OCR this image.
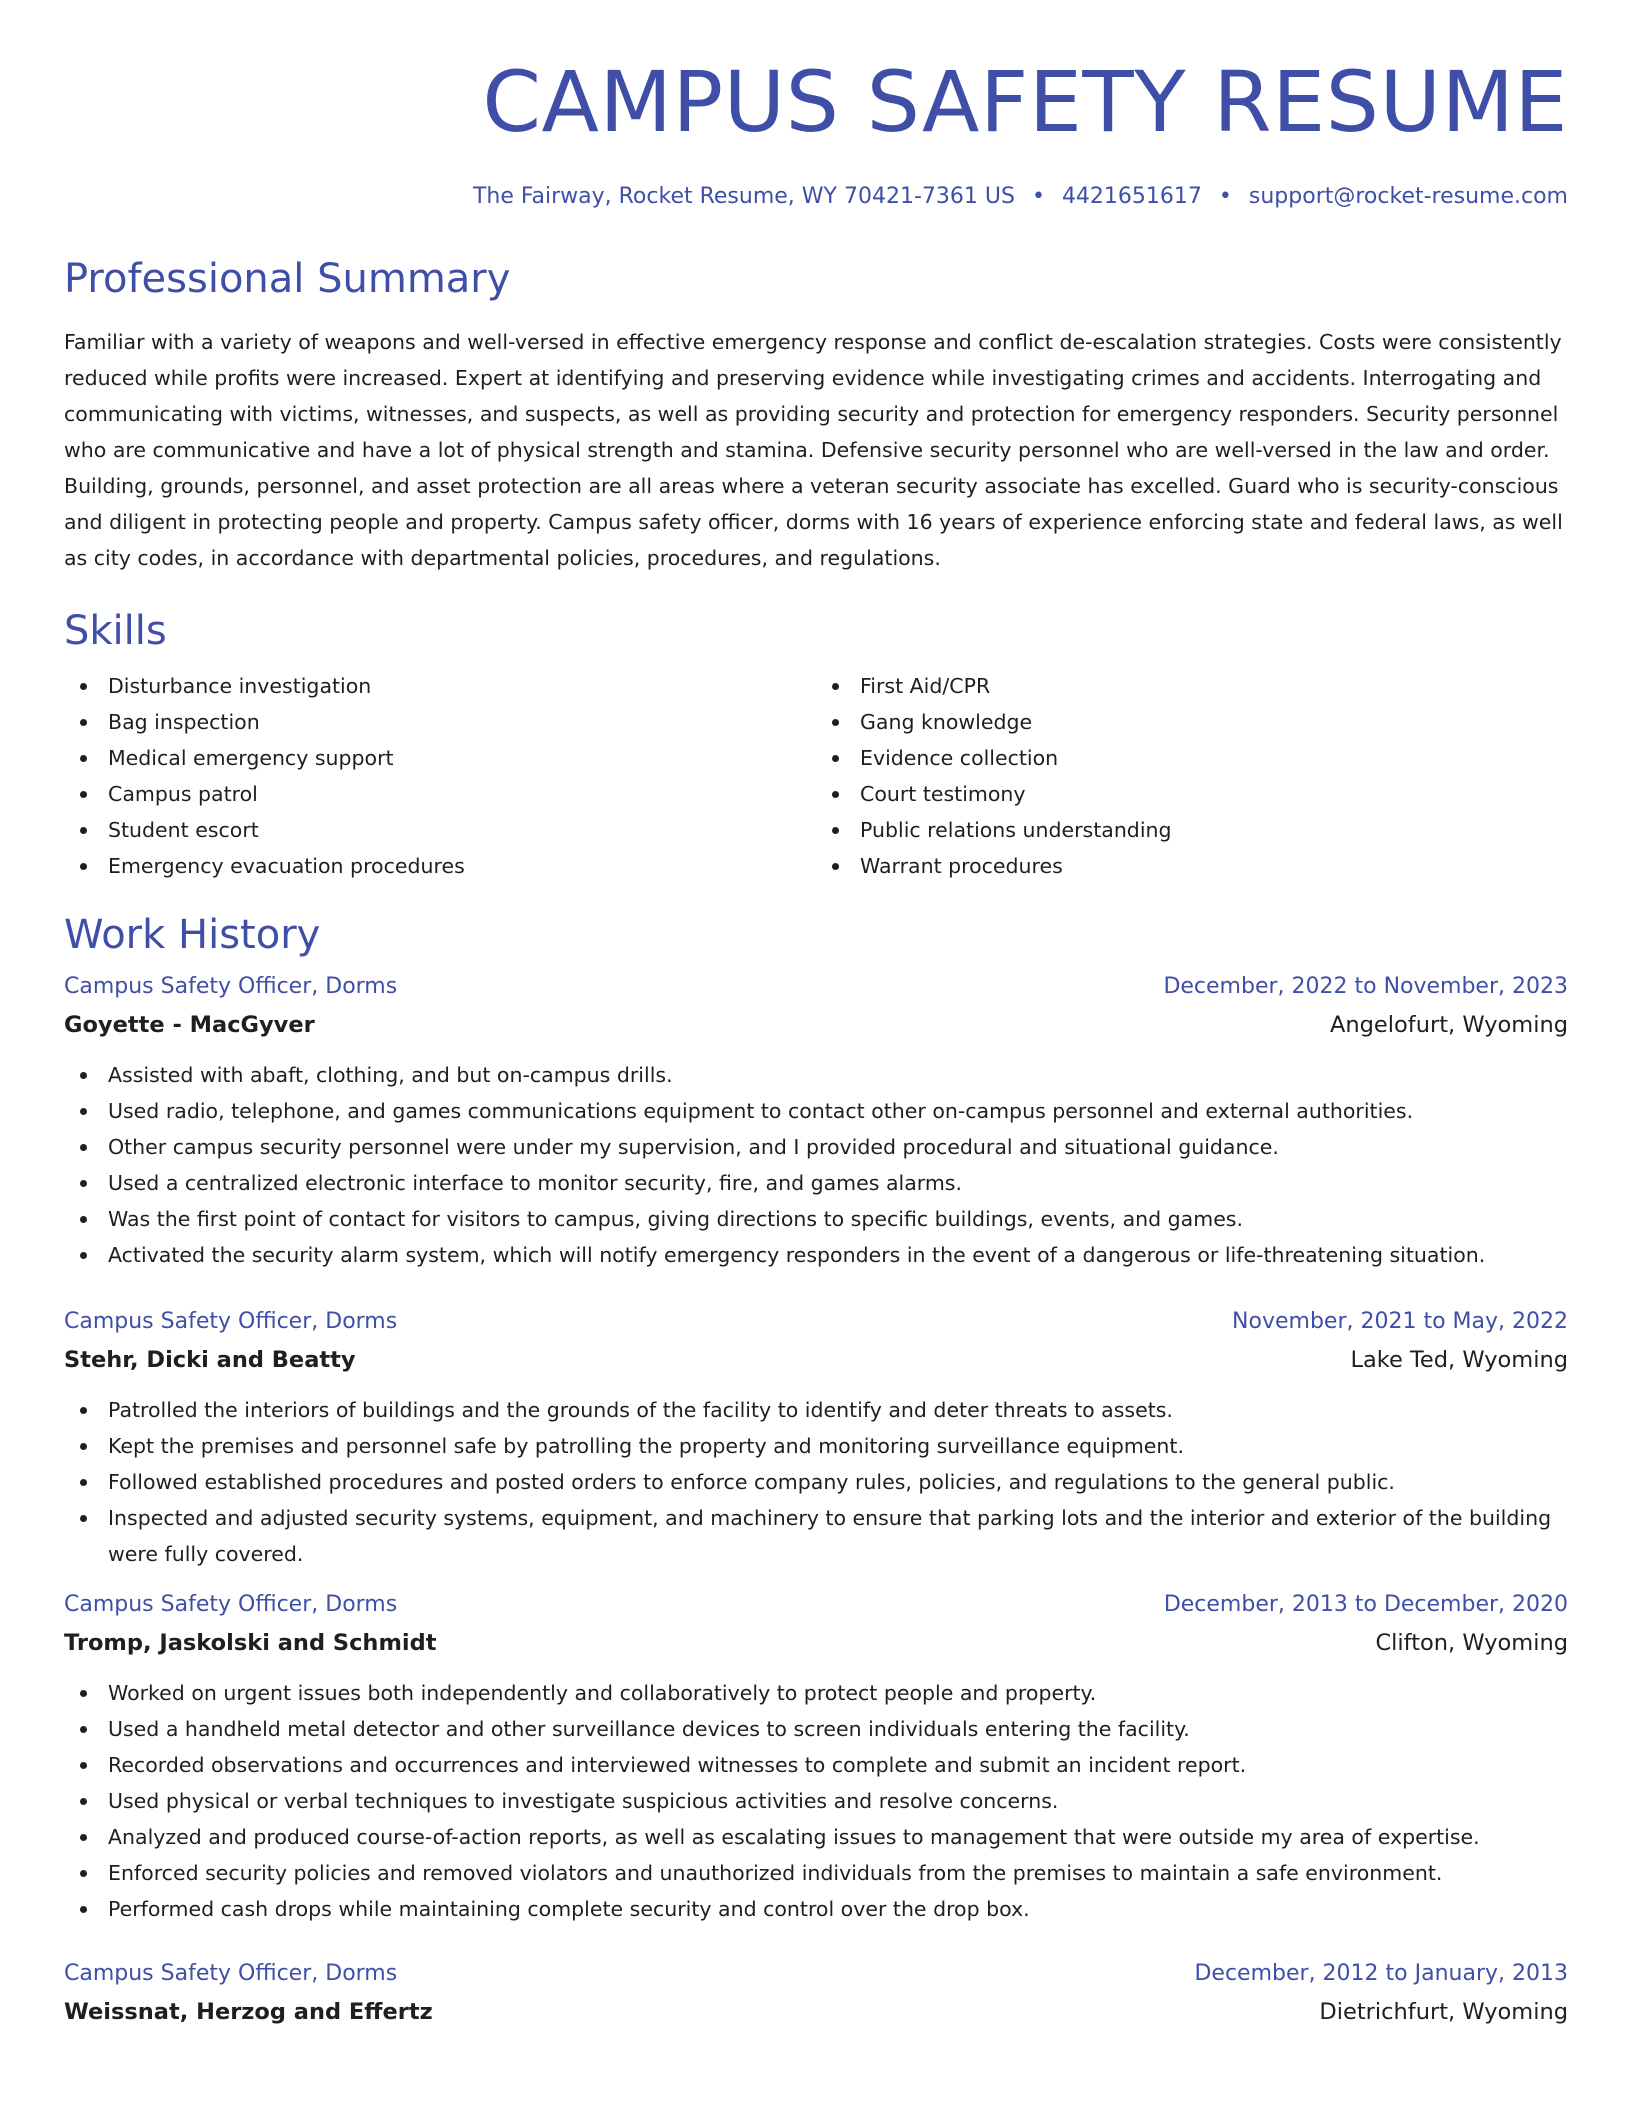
CAMPUS SAFETY RESUME
The Fairway, Rocket Resume, WY 70421-7361 US • 4421651617 • support@rocket-resume.com
Professional Summary

Familiar with a variety of weapons and well-versed in effective emergency response and conflict de-escalation strategies. Costs were consistently reduced while profits were increased. Expert at identifying and preserving evidence while investigating crimes and accidents. Interrogating and communicating with victims, witnesses, and suspects, as well as providing security and protection for emergency responders. Security personnel who are communicative and have a lot of physical strength and stamina. Defensive security personnel who are well-versed in the law and order. Building, grounds, personnel, and asset protection are all areas where a veteran security associate has excelled. Guard who is security-conscious and diligent in protecting people and property. Campus safety officer, dorms with 16 years of experience enforcing state and federal laws, as well as city codes, in accordance with departmental policies, procedures, and regulations.

Skills
Disturbance investigation
Bag inspection
Medical emergency support
Campus patrol
Student escort
Emergency evacuation procedures
First Aid/CPR
Gang knowledge
Evidence collection
Court testimony
Public relations understanding
Warrant procedures
Work History
Campus Safety Officer, Dorms	December, 2022 to November, 2023
Goyette - MacGyver	Angelofurt, Wyoming
Assisted with abaft, clothing, and but on-campus drills.
Used radio, telephone, and games communications equipment to contact other on-campus personnel and external authorities.
Other campus security personnel were under my supervision, and I provided procedural and situational guidance.
Used a centralized electronic interface to monitor security, fire, and games alarms.
Was the first point of contact for visitors to campus, giving directions to specific buildings, events, and games.
Activated the security alarm system, which will notify emergency responders in the event of a dangerous or life-threatening situation.
Campus Safety Officer, Dorms	November, 2021 to May, 2022
Stehr, Dicki and Beatty	Lake Ted, Wyoming
Patrolled the interiors of buildings and the grounds of the facility to identify and deter threats to assets.
Kept the premises and personnel safe by patrolling the property and monitoring surveillance equipment.
Followed established procedures and posted orders to enforce company rules, policies, and regulations to the general public.
Inspected and adjusted security systems, equipment, and machinery to ensure that parking lots and the interior and exterior of the building were fully covered.
Campus Safety Officer, Dorms	December, 2013 to December, 2020
Tromp, Jaskolski and Schmidt	Clifton, Wyoming
Worked on urgent issues both independently and collaboratively to protect people and property.
Used a handheld metal detector and other surveillance devices to screen individuals entering the facility.
Recorded observations and occurrences and interviewed witnesses to complete and submit an incident report.
Used physical or verbal techniques to investigate suspicious activities and resolve concerns.
Analyzed and produced course-of-action reports, as well as escalating issues to management that were outside my area of expertise.
Enforced security policies and removed violators and unauthorized individuals from the premises to maintain a safe environment.
Performed cash drops while maintaining complete security and control over the drop box.
Campus Safety Officer, Dorms	December, 2012 to January, 2013
Weissnat, Herzog and Effertz	Dietrichfurt, Wyoming
